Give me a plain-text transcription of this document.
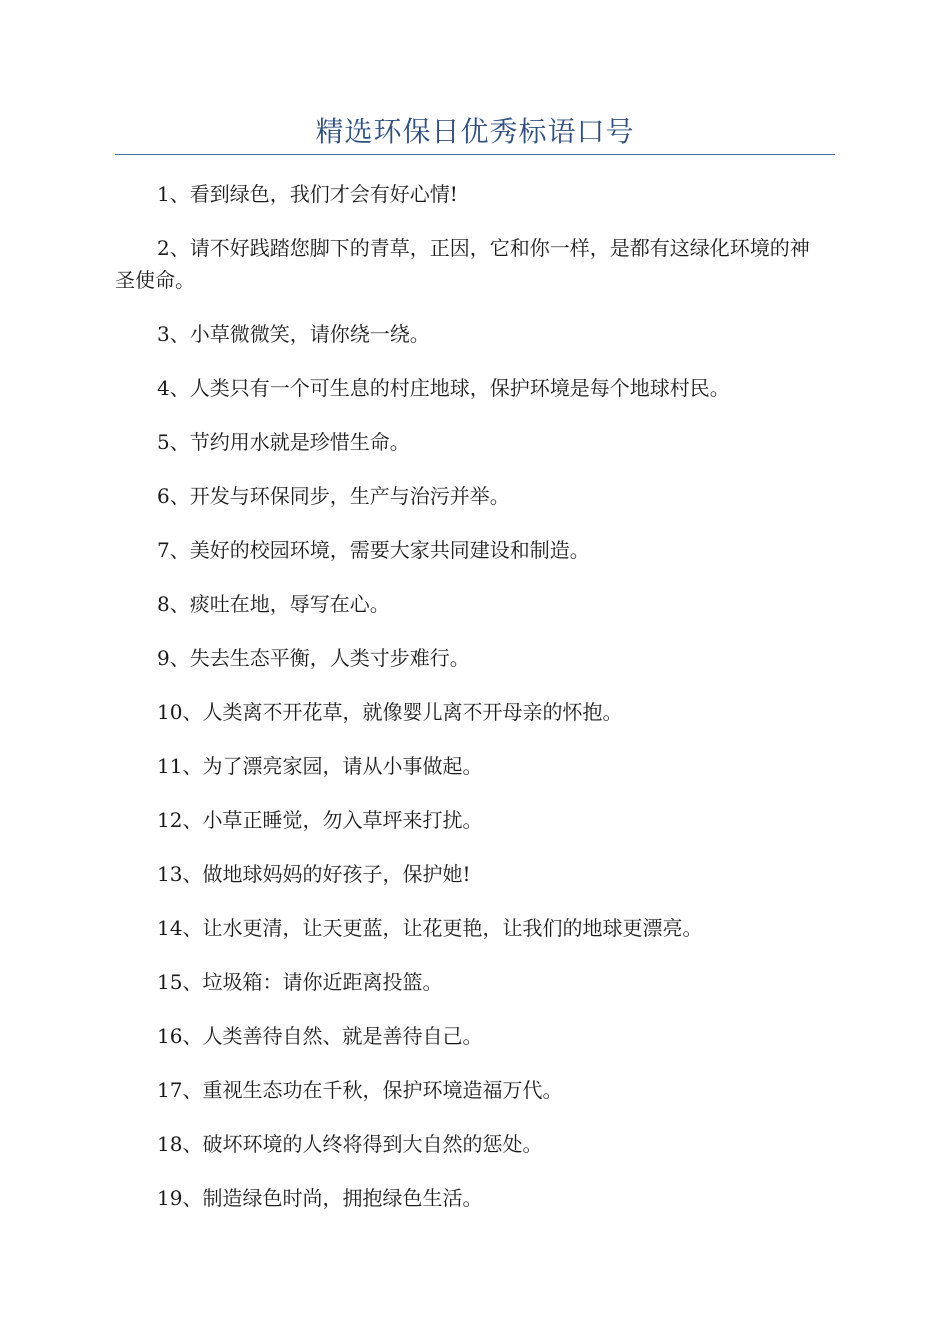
精选环保日优秀标语口号
1、看到绿色，我们才会有好心情!
2、请不好践踏您脚下的青草，正因，它和你一样，是都有这绿化环境的神圣使命。
3、小草微微笑，请你绕一绕。
4、人类只有一个可生息的村庄地球，保护环境是每个地球村民。
5、节约用水就是珍惜生命。
6、开发与环保同步，生产与治污并举。
7、美好的校园环境，需要大家共同建设和制造。
8、痰吐在地，辱写在心。
9、失去生态平衡，人类寸步难行。
10、人类离不开花草，就像婴儿离不开母亲的怀抱。
11、为了漂亮家园，请从小事做起。
12、小草正睡觉，勿入草坪来打扰。
13、做地球妈妈的好孩子，保护她!
14、让水更清，让天更蓝，让花更艳，让我们的地球更漂亮。
15、垃圾箱：请你近距离投篮。
16、人类善待自然、就是善待自己。
17、重视生态功在千秋，保护环境造福万代。
18、破坏环境的人终将得到大自然的惩处。
19、制造绿色时尚，拥抱绿色生活。
